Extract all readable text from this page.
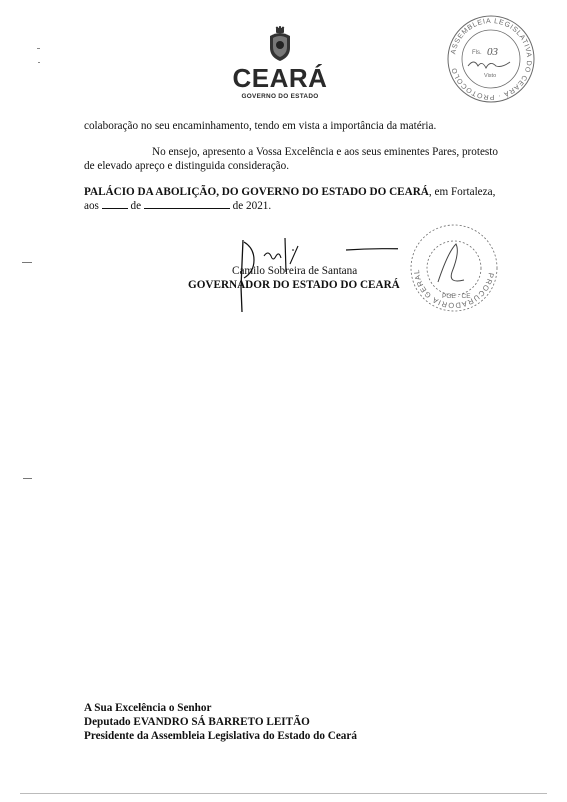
CEARÁ
GOVERNO DO ESTADO
ASSEMBLEIA LEGISLATIVA DO CEARÁ · PROTOCOLO
Fls. 03
Visto
colaboração no seu encaminhamento, tendo em vista a importância da matéria.
No ensejo, apresento a Vossa Excelência e aos seus eminentes Pares, protesto
de elevado apreço e distinguida consideração.
PALÁCIO DA ABOLIÇÃO, DO GOVERNO DO ESTADO DO CEARÁ, em Fortaleza,
aos	de	de 2021.
Camilo Sobreira de Santana
GOVERNADOR DO ESTADO DO CEARÁ
PROCURADORIA GERAL
PGE · CE
A Sua Excelência o Senhor
Deputado EVANDRO SÁ BARRETO LEITÃO
Presidente da Assembleia Legislativa do Estado do Ceará
